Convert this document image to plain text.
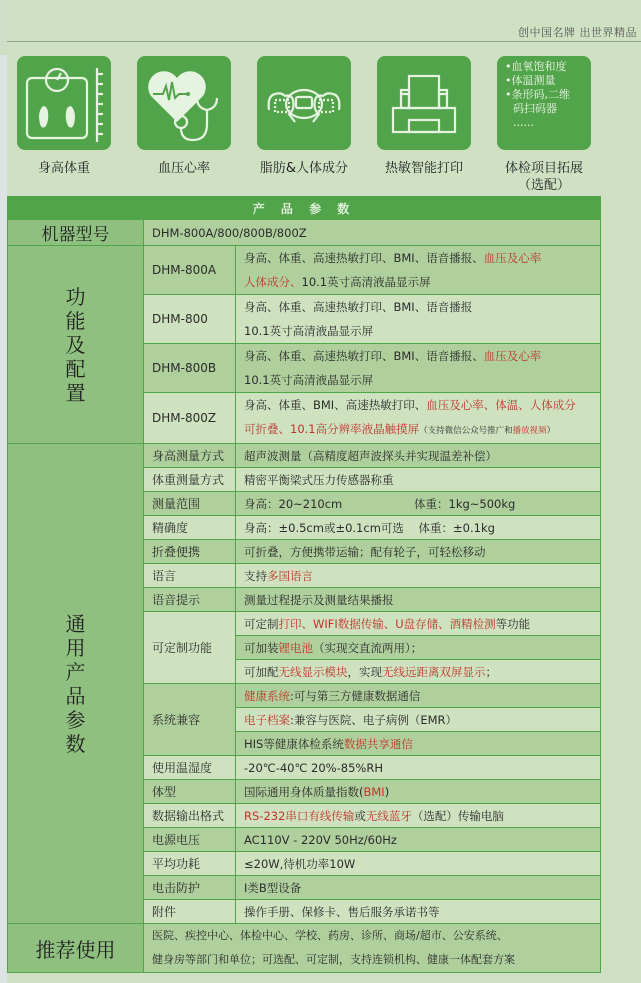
创中国名牌 出世界精品
身高体重	血压心率	脂肪&人体成分	热敏智能打印
•血氧饱和度
•体温测量
•条形码,二维
码扫码器
......
体检项目拓展
（选配）
产 品 参 数		
机器型号	DHM-800A/800/800B/800Z	

功
能
及
配
置	DHM-800A	身高、体重、高速热敏打印、BMI、语音播报、血压及心率
人体成分、10.1英寸高清液晶显示屏

	DHM-800	身高、体重、高速热敏打印、BMI、语音播报
10.1英寸高清液晶显示屏

	DHM-800B	身高、体重、高速热敏打印、BMI、语音播报、血压及心率
10.1英寸高清液晶显示屏

	DHM-800Z	身高、体重、BMI、高速热敏打印、血压及心率、体温、人体成分
可折叠、10.1高分辨率液晶触摸屏（支持微信公众号推广和播放视频）

通
用
产
品
参
数
	身高测量方式	超声波测量（高精度超声波探头并实现温差补偿）
	体重测量方式	精密平衡梁式压力传感器称重
	测量范围	身高：20~210cm 体重：1kg~500kg
	精确度	身高：±0.5cm或±0.1cm可选    体重：±0.1kg
	折叠便携	可折叠，方便携带运输；配有轮子，可轻松移动
	语言	支持多国语言
	语音提示	测量过程提示及测量结果播报
	可定制功能	可定制打印、WIFI数据传输、U盘存储、酒精检测等功能
		可加装锂电池（实现交直流两用）；
		可加配无线显示模块，实现无线远距离双屏显示；
	系统兼容	健康系统:可与第三方健康数据通信
		电子档案:兼容与医院、电子病例（EMR）
		HIS等健康体检系统数据共享通信
	使用温湿度	-20℃-40℃ 20%-85%RH
	体型	国际通用身体质量指数(BMI)
	数据输出格式	RS-232串口有线传输或无线蓝牙（选配）传输电脑
	电源电压	AC110V - 220V 50Hz/60Hz
	平均功耗	≤20W,待机功率10W
	电击防护	I类B型设备
	附件	操作手册、保修卡、售后服务承诺书等
推荐使用	医院、疾控中心、体检中心、学校、药房、诊所、商场/超市、公安系统、
健身房等部门和单位；可选配、可定制，支持连锁机构、健康一体配套方案	
